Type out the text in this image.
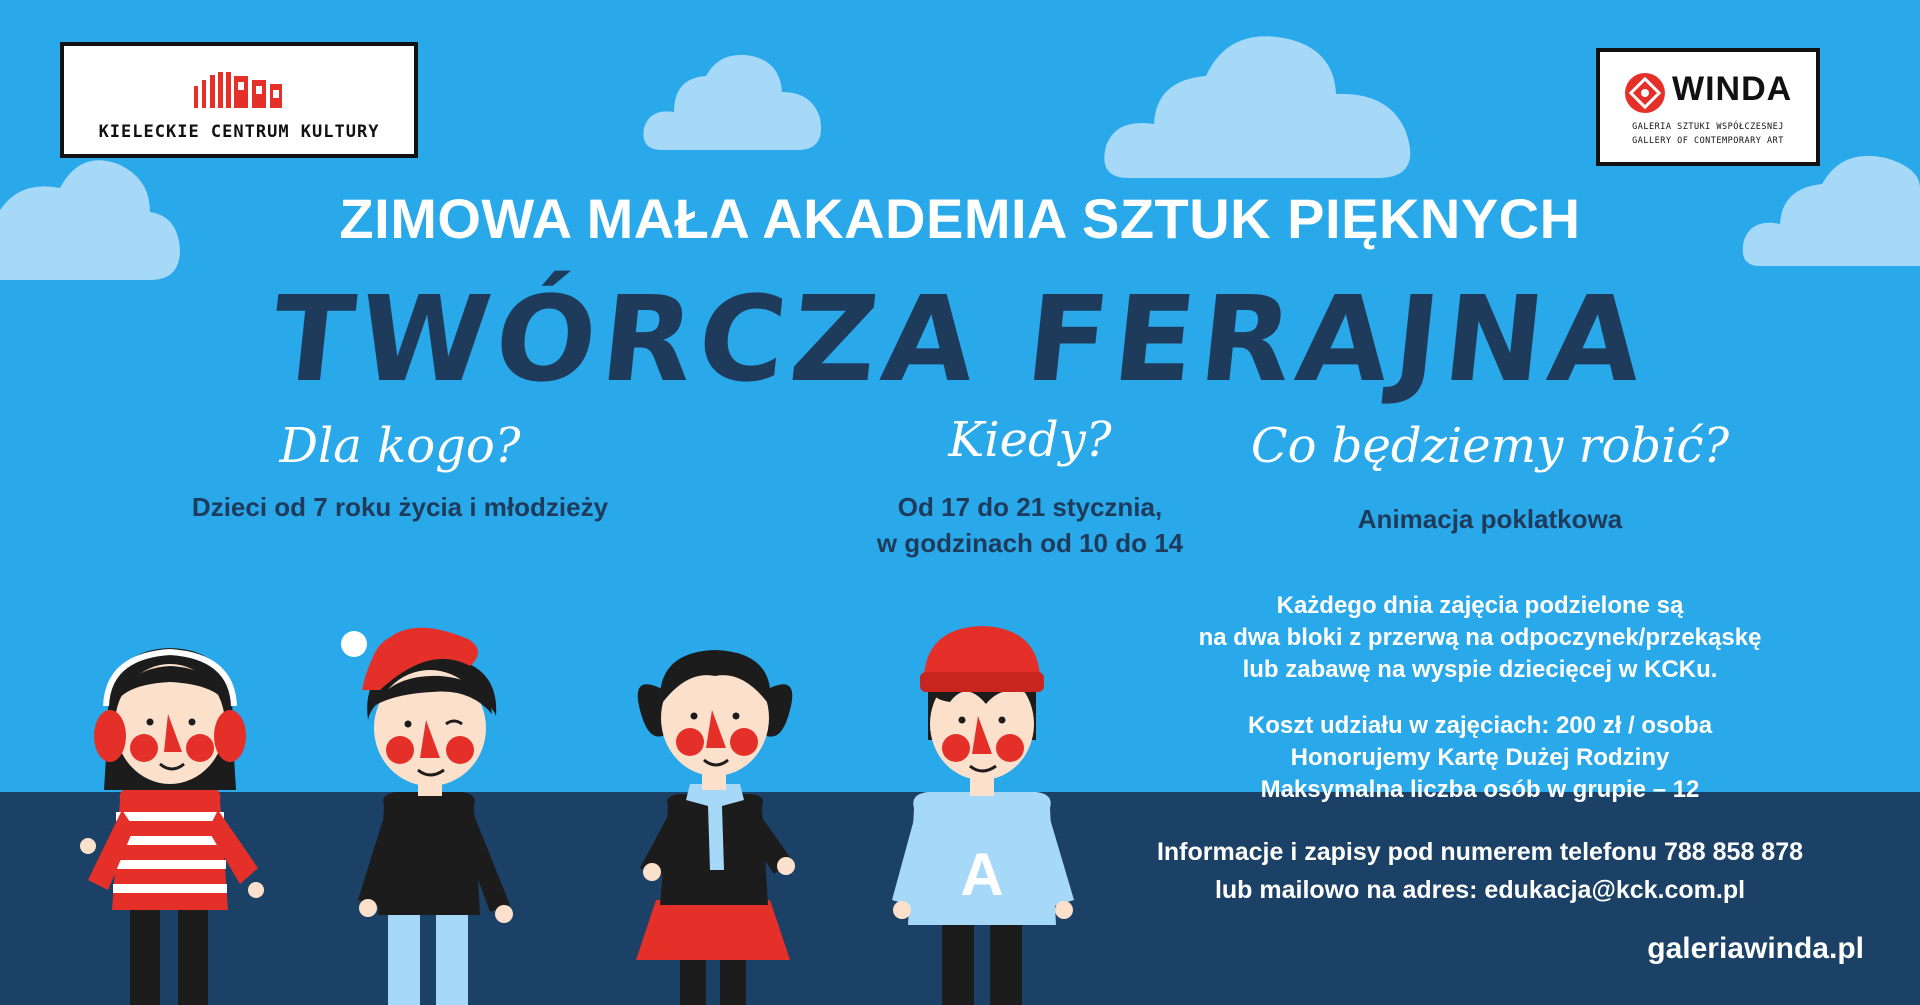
KIELECKIE CENTRUM KULTURY
WINDA
GALERIA SZTUKI WSPÓŁCZESNEJ
GALLERY OF CONTEMPORARY ART
ZIMOWA MAŁA AKADEMIA SZTUK PIĘKNYCH
TWÓRCZA FERAJNA
Dla kogo?
Dzieci od 7 roku życia i młodzieży
Kiedy?
Od 17 do 21 stycznia,
w godzinach od 10 do 14
Co będziemy robić?
Animacja poklatkowa
Każdego dnia zajęcia podzielone są
na dwa bloki z przerwą na odpoczynek/przekąskę
lub zabawę na wyspie dziecięcej w KCKu.
Koszt udziału w zajęciach: 200 zł / osoba
Honorujemy Kartę Dużej Rodziny
Maksymalna liczba osób w grupie – 12
Informacje i zapisy pod numerem telefonu 788 858 878
lub mailowo na adres: edukacja@kck.com.pl
galeriawinda.pl
A
